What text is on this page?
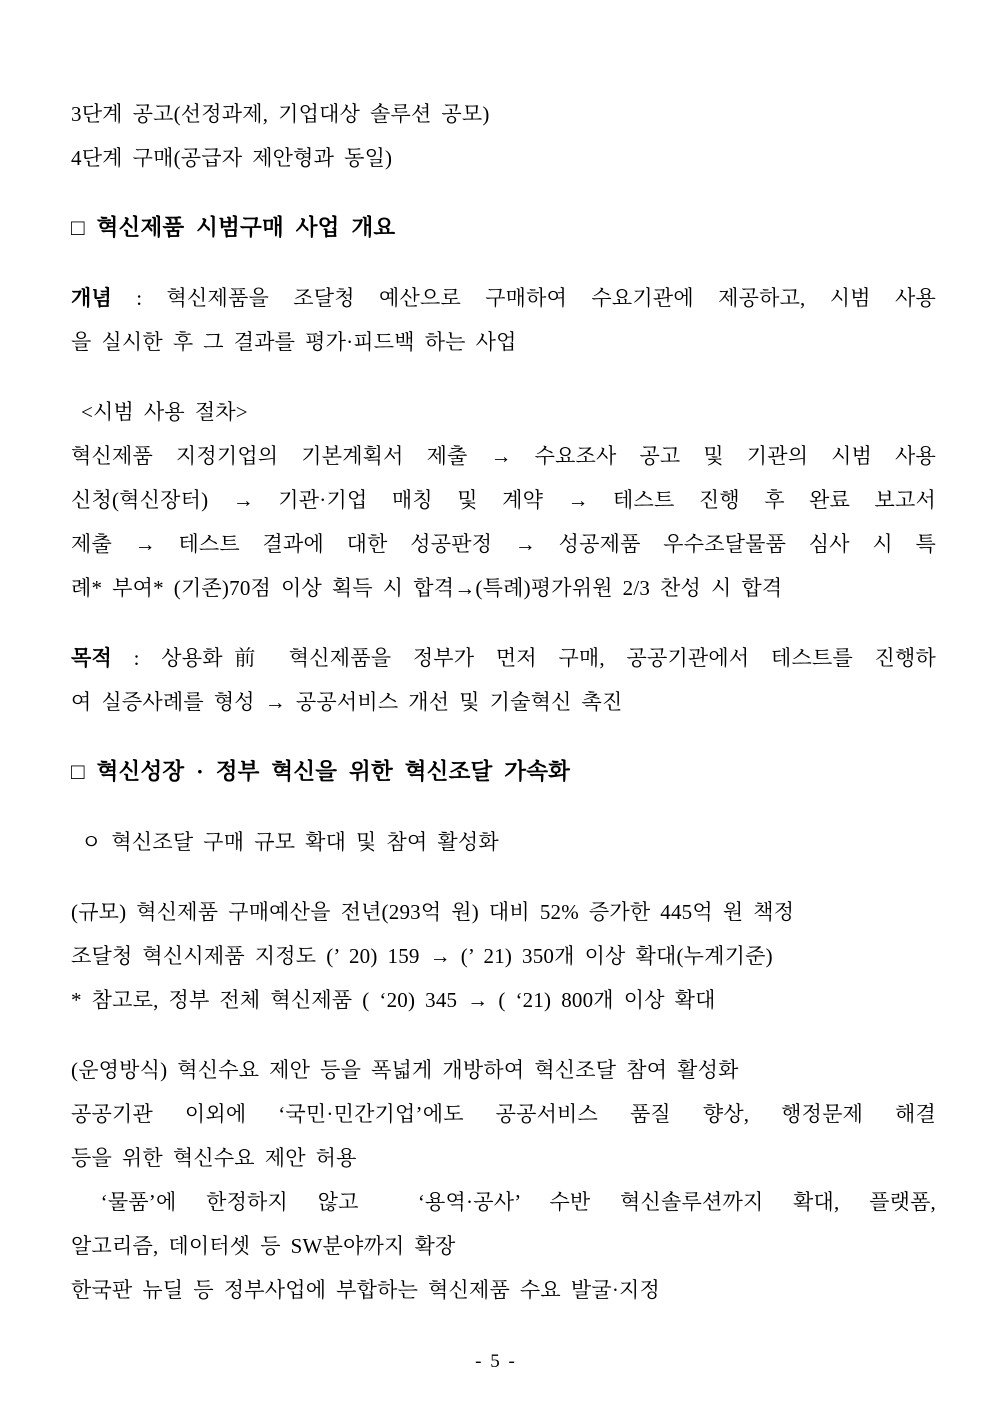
3단계 공고(선정과제, 기업대상 솔루션 공모)
4단계 구매(공급자 제안형과 동일)
□ 혁신제품 시범구매 사업 개요
개념 : 혁신제품을 조달청 예산으로 구매하여 수요기관에 제공하고, 시범 사용
을 실시한 후 그 결과를 평가·피드백 하는 사업
<시범 사용 절차>
혁신제품 지정기업의 기본계획서 제출 → 수요조사 공고 및 기관의 시범 사용
신청(혁신장터) → 기관·기업 매칭 및 계약 → 테스트 진행 후 완료 보고서
제출 → 테스트 결과에 대한 성공판정 → 성공제품 우수조달물품 심사 시 특
례* 부여* (기존)70점 이상 획득 시 합격→(특례)평가위원 2/3 찬성 시 합격
목적 : 상용화前 혁신제품을 정부가 먼저 구매, 공공기관에서 테스트를 진행하
여 실증사례를 형성 → 공공서비스 개선 및 기술혁신 촉진
□ 혁신성장 · 정부 혁신을 위한 혁신조달 가속화
ㅇ 혁신조달 구매 규모 확대 및 참여 활성화
(규모) 혁신제품 구매예산을 전년(293억 원) 대비 52% 증가한 445억 원 책정
조달청 혁신시제품 지정도 (’ 20) 159 → (’ 21) 350개 이상 확대(누계기준)
* 참고로, 정부 전체 혁신제품 ( ‘20) 345 → ( ‘21) 800개 이상 확대
(운영방식) 혁신수요 제안 등을 폭넓게 개방하여 혁신조달 참여 활성화
공공기관 이외에 ‘국민·민간기업’에도 공공서비스 품질 향상, 행정문제 해결
등을 위한 혁신수요 제안 허용
‘물품’에 한정하지 않고  ‘용역·공사’ 수반 혁신솔루션까지 확대, 플랫폼,
알고리즘, 데이터셋 등 SW분야까지 확장
한국판 뉴딜 등 정부사업에 부합하는 혁신제품 수요 발굴·지정
- 5 -
